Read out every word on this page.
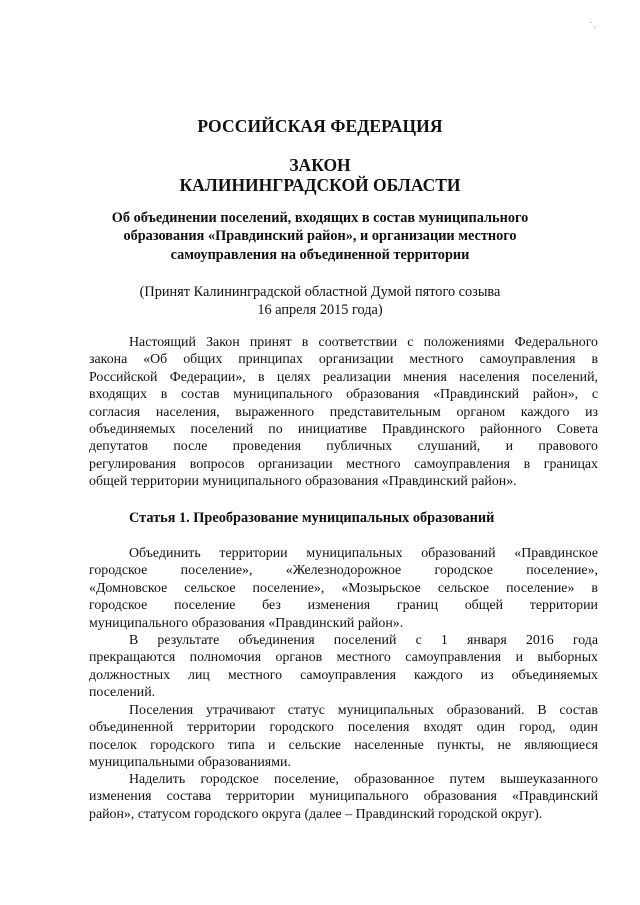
РОССИЙСКАЯ ФЕДЕРАЦИЯ
ЗАКОН
КАЛИНИНГРАДСКОЙ ОБЛАСТИ
Об объединении поселений, входящих в состав муниципального
образования «Правдинский район», и организации местного
самоуправления на объединенной территории
(Принят Калининградской областной Думой пятого созыва
16 апреля 2015 года)
Настоящий Закон принят в соответствии с положениями Федерального
закона «Об общих принципах организации местного самоуправления в
Российской Федерации», в целях реализации мнения населения поселений,
входящих в состав муниципального образования «Правдинский район», с
согласия населения, выраженного представительным органом каждого из
объединяемых поселений по инициативе Правдинского районного Совета
депутатов после проведения публичных слушаний, и правового
регулирования вопросов организации местного самоуправления в границах
общей территории муниципального образования «Правдинский район».
Статья 1. Преобразование муниципальных образований
Объединить территории муниципальных образований «Правдинское
городское поселение», «Железнодорожное городское поселение»,
«Домновское сельское поселение», «Мозырьское сельское поселение» в
городское поселение без изменения границ общей территории
муниципального образования «Правдинский район».
В результате объединения поселений с 1 января 2016 года
прекращаются полномочия органов местного самоуправления и выборных
должностных лиц местного самоуправления каждого из объединяемых
поселений.
Поселения утрачивают статус муниципальных образований. В состав
объединенной территории городского поселения входят один город, один
поселок городского типа и сельские населенные пункты, не являющиеся
муниципальными образованиями.
Наделить городское поселение, образованное путем вышеуказанного
изменения состава территории муниципального образования «Правдинский
район», статусом городского округа (далее – Правдинский городской округ).
